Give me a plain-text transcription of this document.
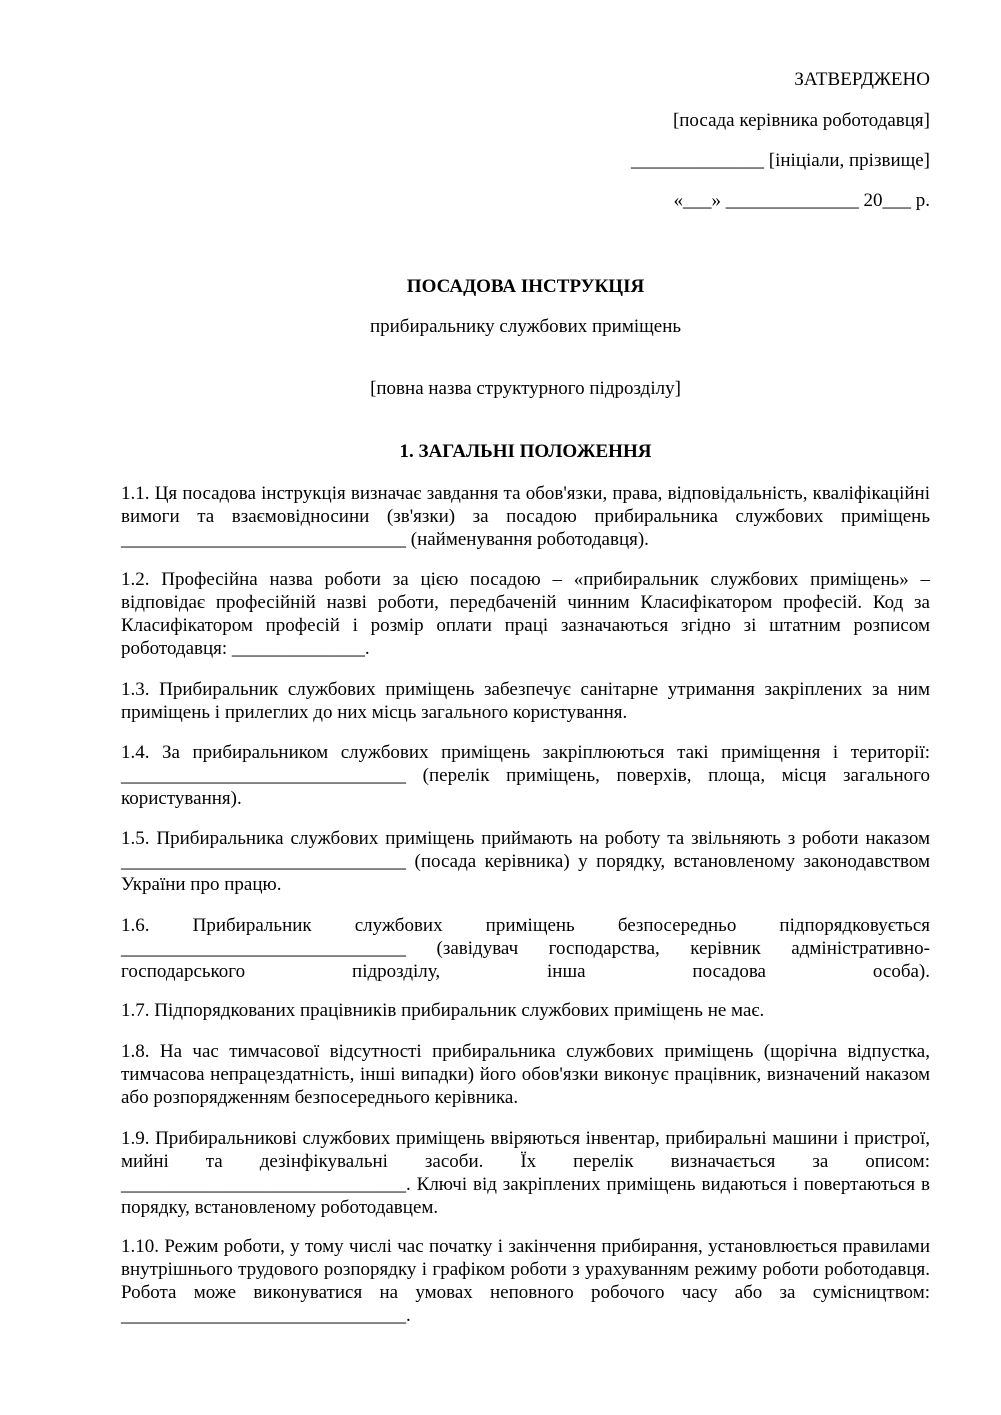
ЗАТВЕРДЖЕНО
[посада керівника роботодавця]
______________ [ініціали, прізвище]
«___» ______________ 20___ р.
ПОСАДОВА ІНСТРУКЦІЯ
прибиральнику службових приміщень
[повна назва структурного підрозділу]
1. ЗАГАЛЬНІ ПОЛОЖЕННЯ
1.1. Ця посадова інструкція визначає завдання та обов'язки, права, відповідальність, кваліфікаційні вимоги та взаємовідносини (зв'язки) за посадою прибиральника службових приміщень ______________________________ (найменування роботодавця).
1.2. Професійна назва роботи за цією посадою – «прибиральник службових приміщень» – відповідає професійній назві роботи, передбаченій чинним Класифікатором професій. Код за Класифікатором професій і розмір оплати праці зазначаються згідно зі штатним розписом роботодавця: ______________.
1.3. Прибиральник службових приміщень забезпечує санітарне утримання закріплених за ним приміщень і прилеглих до них місць загального користування.
1.4. За прибиральником службових приміщень закріплюються такі приміщення і території: ______________________________ (перелік приміщень, поверхів, площа, місця загального користування).
1.5. Прибиральника службових приміщень приймають на роботу та звільняють з роботи наказом ______________________________ (посада керівника) у порядку, встановленому законодавством України про працю.
1.6. Прибиральник службових приміщень безпосередньо підпорядковується ______________________________ (завідувач господарства, керівник адміністративно-господарського підрозділу, інша посадова особа).
1.7. Підпорядкованих працівників прибиральник службових приміщень не має.
1.8. На час тимчасової відсутності прибиральника службових приміщень (щорічна відпустка, тимчасова непрацездатність, інші випадки) його обов'язки виконує працівник, визначений наказом або розпорядженням безпосереднього керівника.
1.9. Прибиральникові службових приміщень ввіряються інвентар, прибиральні машини і пристрої, мийні та дезінфікувальні засоби. Їх перелік визначається за описом: ______________________________. Ключі від закріплених приміщень видаються і повертаються в порядку, встановленому роботодавцем.
1.10. Режим роботи, у тому числі час початку і закінчення прибирання, установлюється правилами внутрішнього трудового розпорядку і графіком роботи з урахуванням режиму роботи роботодавця. Робота може виконуватися на умовах неповного робочого часу або за сумісництвом: ______________________________.
